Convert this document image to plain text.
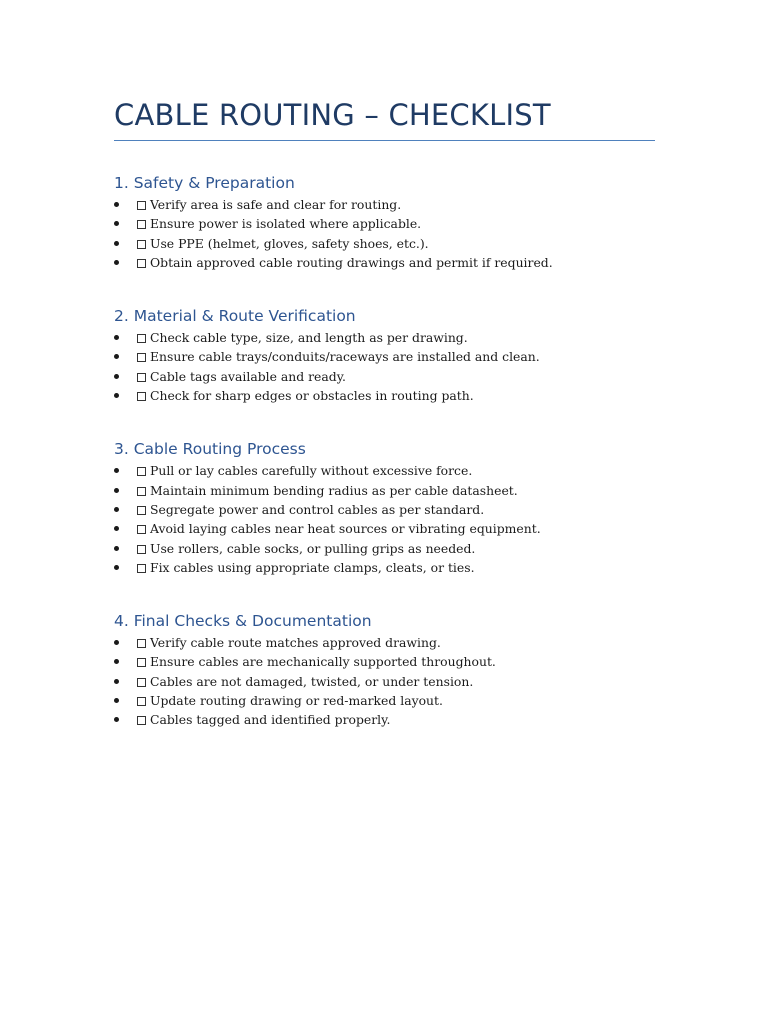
CABLE ROUTING – CHECKLIST
1. Safety & Preparation
Verify area is safe and clear for routing.
Ensure power is isolated where applicable.
Use PPE (helmet, gloves, safety shoes, etc.).
Obtain approved cable routing drawings and permit if required.
2. Material & Route Verification
Check cable type, size, and length as per drawing.
Ensure cable trays/conduits/raceways are installed and clean.
Cable tags available and ready.
Check for sharp edges or obstacles in routing path.
3. Cable Routing Process
Pull or lay cables carefully without excessive force.
Maintain minimum bending radius as per cable datasheet.
Segregate power and control cables as per standard.
Avoid laying cables near heat sources or vibrating equipment.
Use rollers, cable socks, or pulling grips as needed.
Fix cables using appropriate clamps, cleats, or ties.
4. Final Checks & Documentation
Verify cable route matches approved drawing.
Ensure cables are mechanically supported throughout.
Cables are not damaged, twisted, or under tension.
Update routing drawing or red-marked layout.
Cables tagged and identified properly.
